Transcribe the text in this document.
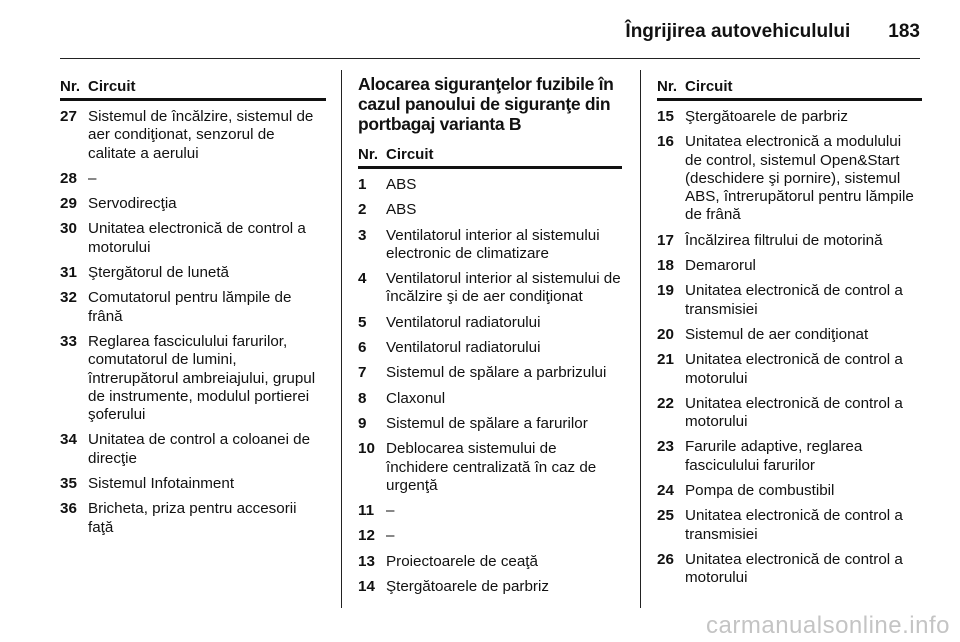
Îngrijirea autovehiculului 183
Nr. Circuit
27 Sistemul de încălzire, sistemul de aer condiţionat, senzorul de calitate a aerului
28 –
29 Servodirecţia
30 Unitatea electronică de control a motorului
31 Ştergătorul de lunetă
32 Comutatorul pentru lămpile de frână
33 Reglarea fasciculului farurilor, comutatorul de lumini, întrerupătorul ambreiajului, grupul de instrumente, modulul portierei şoferului
34 Unitatea de control a coloanei de direcţie
35 Sistemul Infotainment
36 Bricheta, priza pentru accesorii faţă
Alocarea siguranţelor fuzibile în cazul panoului de siguranţe din portbagaj varianta B
Nr. Circuit
1	ABS
2	ABS
3	Ventilatorul interior al sistemului electronic de climatizare
4	Ventilatorul interior al sistemului de încălzire şi de aer condiţionat
5	Ventilatorul radiatorului
6	Ventilatorul radiatorului
7	Sistemul de spălare a parbrizului
8	Claxonul
9	Sistemul de spălare a farurilor
10 Deblocarea sistemului de închidere centralizată în caz de urgenţă
11 –
12 –
13 Proiectoarele de ceaţă
14 Ştergătoarele de parbriz
Nr. Circuit
15 Ştergătoarele de parbriz
16 Unitatea electronică a modulului de control, sistemul Open&Start (deschidere şi pornire), sistemul ABS, întrerupătorul pentru lămpile de frână
17 Încălzirea filtrului de motorină
18 Demarorul
19 Unitatea electronică de control a transmisiei
20 Sistemul de aer condiţionat
21 Unitatea electronică de control a motorului
22 Unitatea electronică de control a motorului
23 Farurile adaptive, reglarea fasciculului farurilor
24 Pompa de combustibil
25 Unitatea electronică de control a transmisiei
26 Unitatea electronică de control a motorului
carmanualsonline.info
